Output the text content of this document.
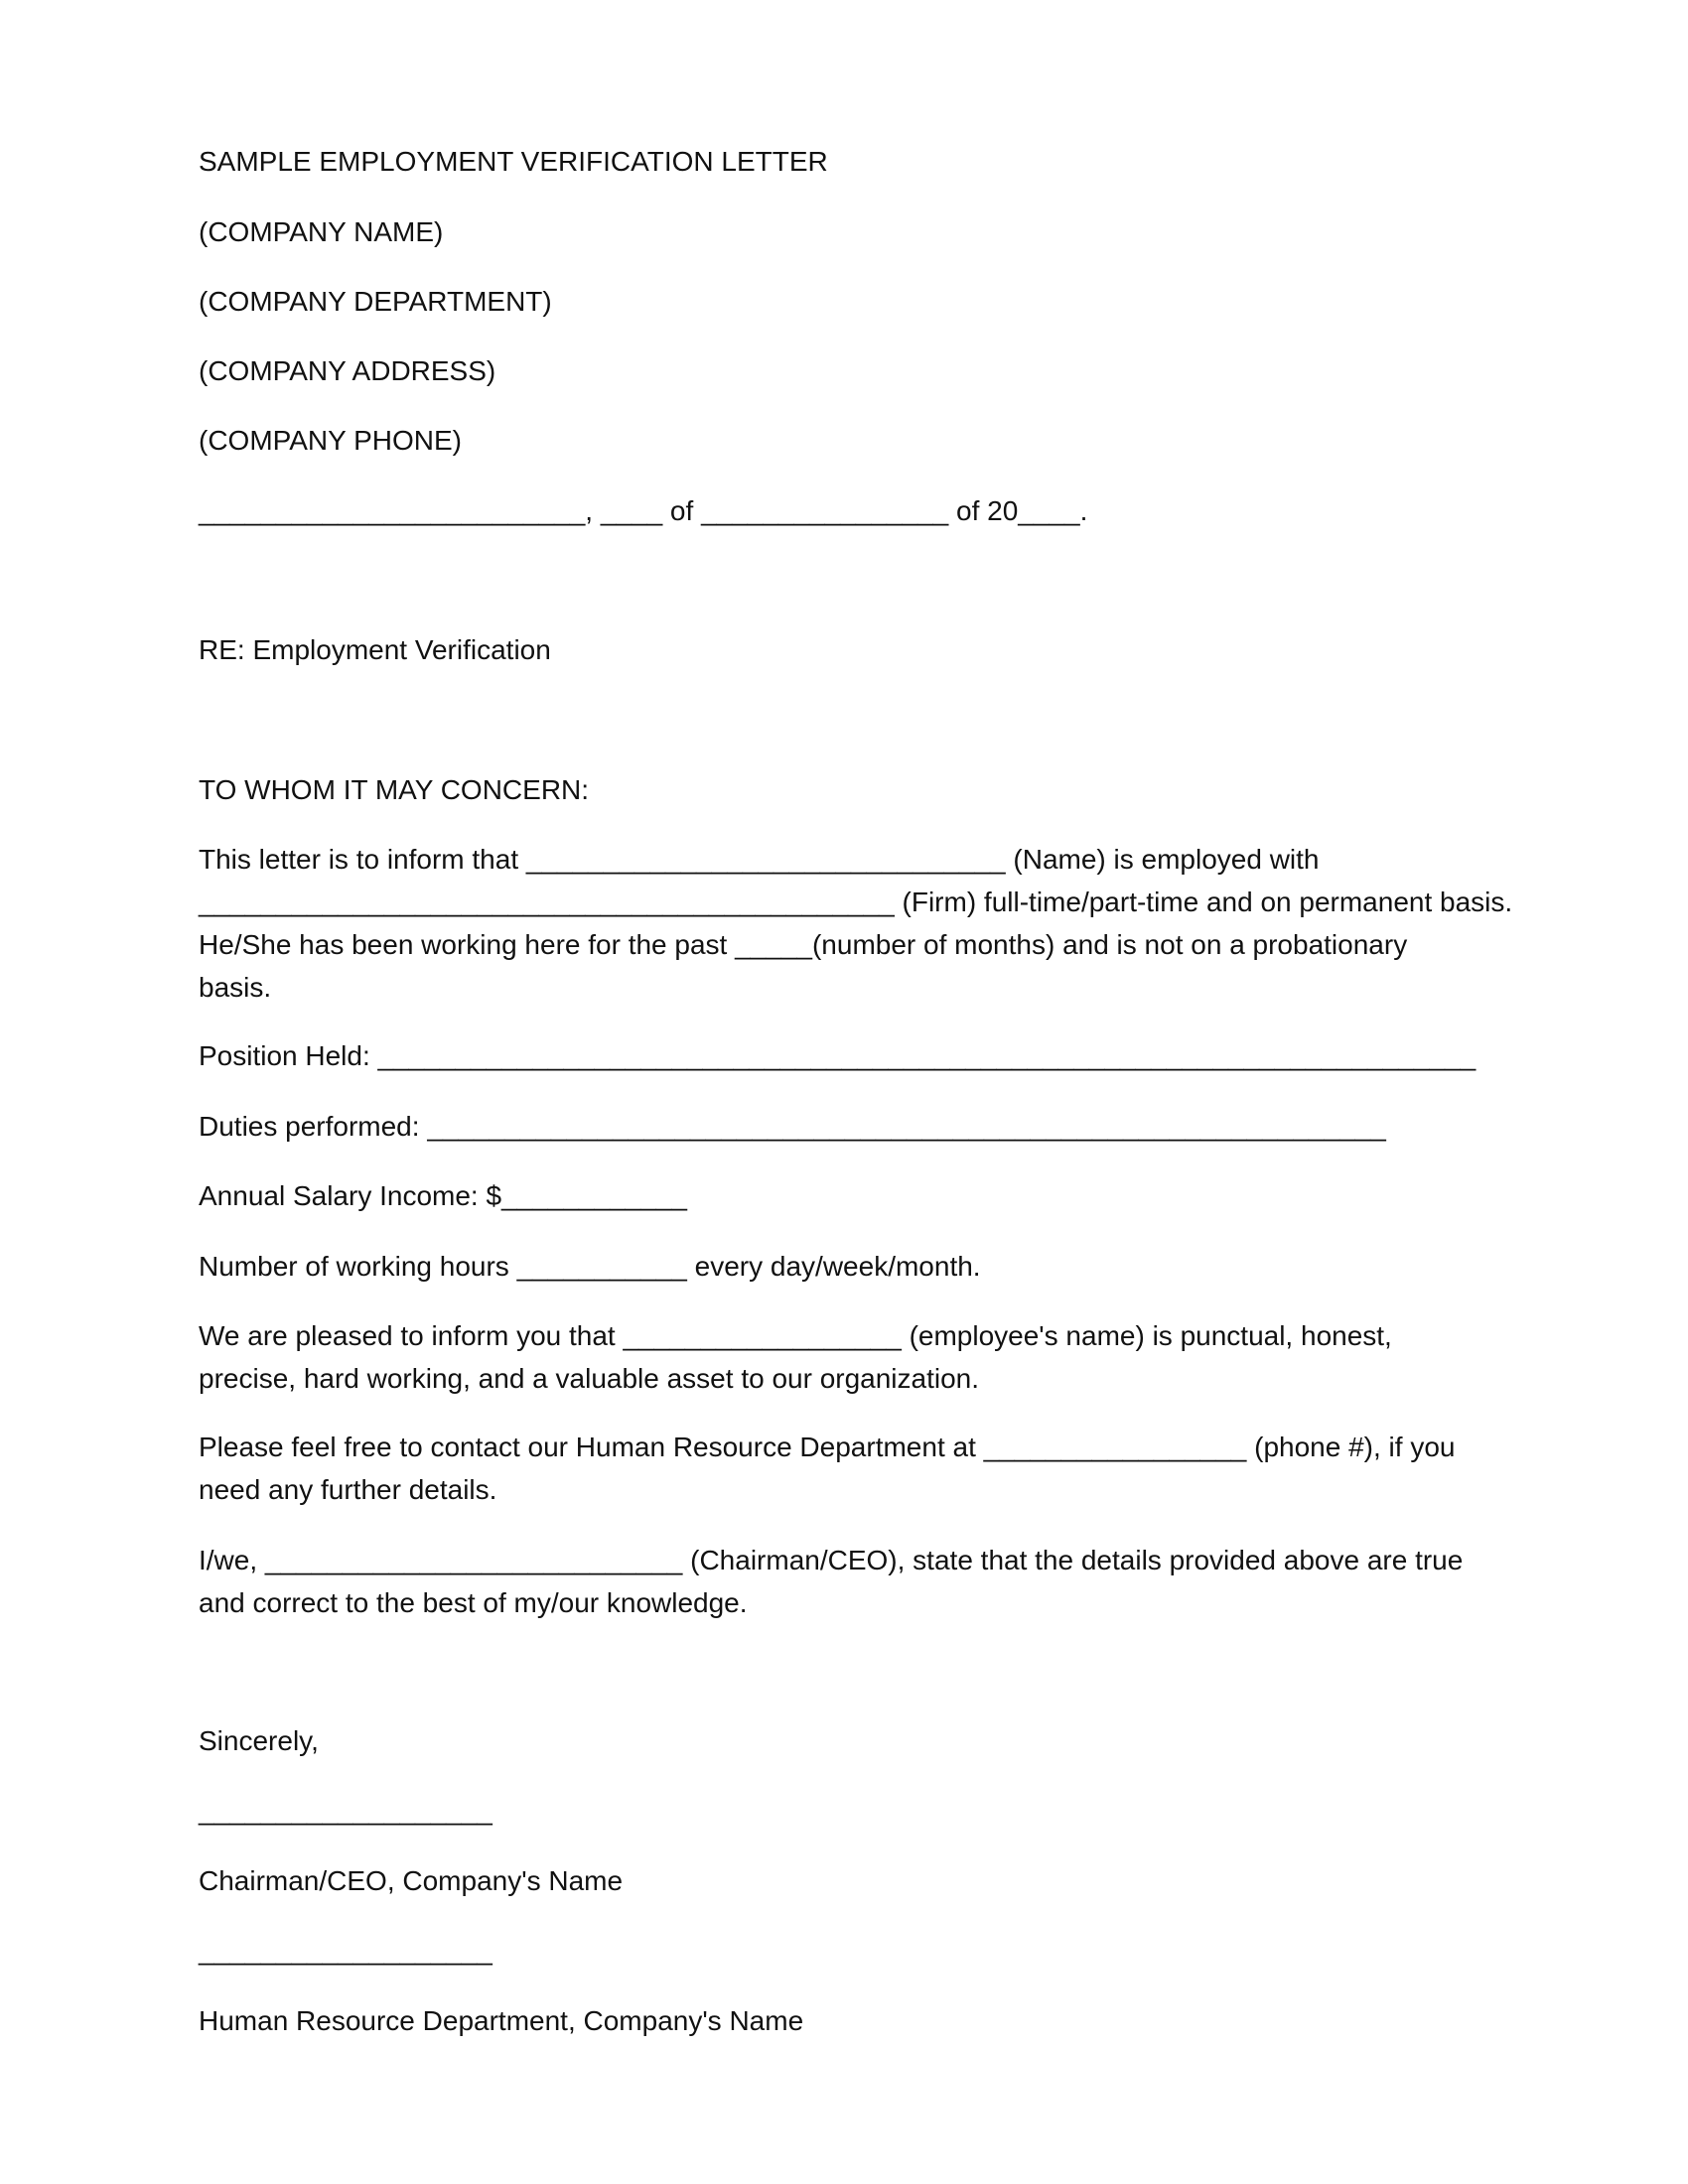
SAMPLE EMPLOYMENT VERIFICATION LETTER

(COMPANY NAME)

(COMPANY DEPARTMENT)

(COMPANY ADDRESS)

(COMPANY PHONE)

_________________________, ____ of ________________ of 20____.

RE: Employment Verification

TO WHOM IT MAY CONCERN:

This letter is to inform that _______________________________ (Name) is employed with
_____________________________________________ (Firm) full-time/part-time and on permanent basis.
He/She has been working here for the past _____(number of months) and is not on a probationary
basis.

Position Held: _______________________________________________________________________

Duties performed: ______________________________________________________________

Annual Salary Income: $____________

Number of working hours ___________ every day/week/month.

We are pleased to inform you that __________________ (employee's name) is punctual, honest,
precise, hard working, and a valuable asset to our organization.
Please feel free to contact our Human Resource Department at _________________ (phone #), if you
need any further details.
I/we, ___________________________ (Chairman/CEO), state that the details provided above are true
and correct to the best of my/our knowledge.

Sincerely,

___________________

Chairman/CEO, Company's Name

___________________

Human Resource Department, Company's Name
